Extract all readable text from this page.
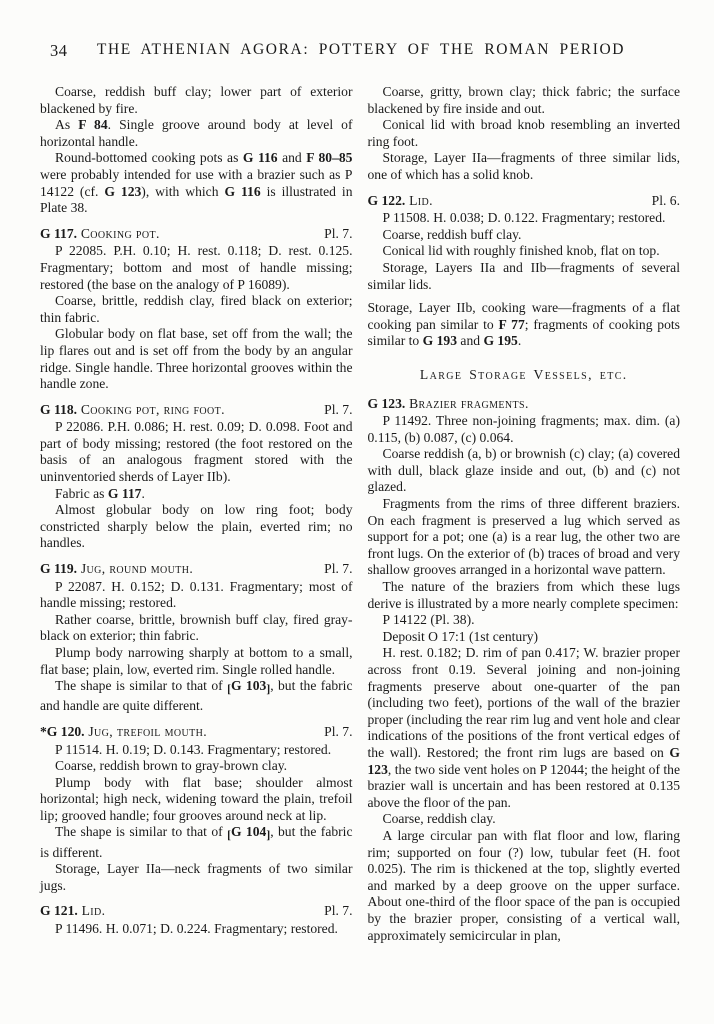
34	THE ATHENIAN AGORA: POTTERY OF THE ROMAN PERIOD

Coarse, reddish buff clay; lower part of exterior blackened by fire.

As F 84. Single groove around body at level of horizontal handle.

Round-bottomed cooking pots as G 116 and F 80–85 were probably intended for use with a brazier such as P 14122 (cf. G 123), with which G 116 is illustrated in Plate 38.

G 117. Cooking pot.	Pl. 7.

P 22085. P.H. 0.10; H. rest. 0.118; D. rest. 0.125. Fragmentary; bottom and most of handle missing; restored (the base on the analogy of P 16089).

Coarse, brittle, reddish clay, fired black on exterior; thin fabric.

Globular body on flat base, set off from the wall; the lip flares out and is set off from the body by an angular ridge. Single handle. Three horizontal grooves within the handle zone.

G 118. Cooking pot, ring foot.	Pl. 7.

P 22086. P.H. 0.086; H. rest. 0.09; D. 0.098. Foot and part of body missing; restored (the foot restored on the basis of an analogous fragment stored with the uninventoried sherds of Layer IIb).

Fabric as G 117.

Almost globular body on low ring foot; body constricted sharply below the plain, everted rim; no handles.

G 119. Jug, round mouth.	Pl. 7.

P 22087. H. 0.152; D. 0.131. Fragmentary; most of handle missing; restored.

Rather coarse, brittle, brownish buff clay, fired gray-black on exterior; thin fabric.

Plump body narrowing sharply at bottom to a small, flat base; plain, low, everted rim. Single rolled handle.

The shape is similar to that of [G 103], but the fabric and handle are quite different.

*G 120. Jug, trefoil mouth.	Pl. 7.

P 11514. H. 0.19; D. 0.143. Fragmentary; restored.

Coarse, reddish brown to gray-brown clay.

Plump body with flat base; shoulder almost horizontal; high neck, widening toward the plain, trefoil lip; grooved handle; four grooves around neck at lip.

The shape is similar to that of [G 104], but the fabric is different.

Storage, Layer IIa—neck fragments of two similar jugs.

G 121. Lid.	Pl. 7.

P 11496. H. 0.071; D. 0.224. Fragmentary; restored.

Coarse, gritty, brown clay; thick fabric; the surface blackened by fire inside and out.

Conical lid with broad knob resembling an inverted ring foot.

Storage, Layer IIa—fragments of three similar lids, one of which has a solid knob.

G 122. Lid.	Pl. 6.

P 11508. H. 0.038; D. 0.122. Fragmentary; restored.

Coarse, reddish buff clay.

Conical lid with roughly finished knob, flat on top.

Storage, Layers IIa and IIb—fragments of several similar lids.

Storage, Layer IIb, cooking ware—fragments of a flat cooking pan similar to F 77; fragments of cooking pots similar to G 193 and G 195.

Large Storage Vessels, etc.
G 123. Brazier fragments.

P 11492. Three non-joining fragments; max. dim. (a) 0.115, (b) 0.087, (c) 0.064.

Coarse reddish (a, b) or brownish (c) clay; (a) covered with dull, black glaze inside and out, (b) and (c) not glazed.

Fragments from the rims of three different braziers. On each fragment is preserved a lug which served as support for a pot; one (a) is a rear lug, the other two are front lugs. On the exterior of (b) traces of broad and very shallow grooves arranged in a horizontal wave pattern.

The nature of the braziers from which these lugs derive is illustrated by a more nearly complete specimen:

P 14122 (Pl. 38).

Deposit O 17:1 (1st century)

H. rest. 0.182; D. rim of pan 0.417; W. brazier proper across front 0.19. Several joining and non-joining fragments preserve about one-quarter of the pan (including two feet), portions of the wall of the brazier proper (including the rear rim lug and vent hole and clear indications of the positions of the front vertical edges of the wall). Restored; the front rim lugs are based on G 123, the two side vent holes on P 12044; the height of the brazier wall is uncertain and has been restored at 0.135 above the floor of the pan.

Coarse, reddish clay.

A large circular pan with flat floor and low, flaring rim; supported on four (?) low, tubular feet (H. foot 0.025). The rim is thickened at the top, slightly everted and marked by a deep groove on the upper surface. About one-third of the floor space of the pan is occupied by the brazier proper, consisting of a vertical wall, approximately semicircular in plan,
